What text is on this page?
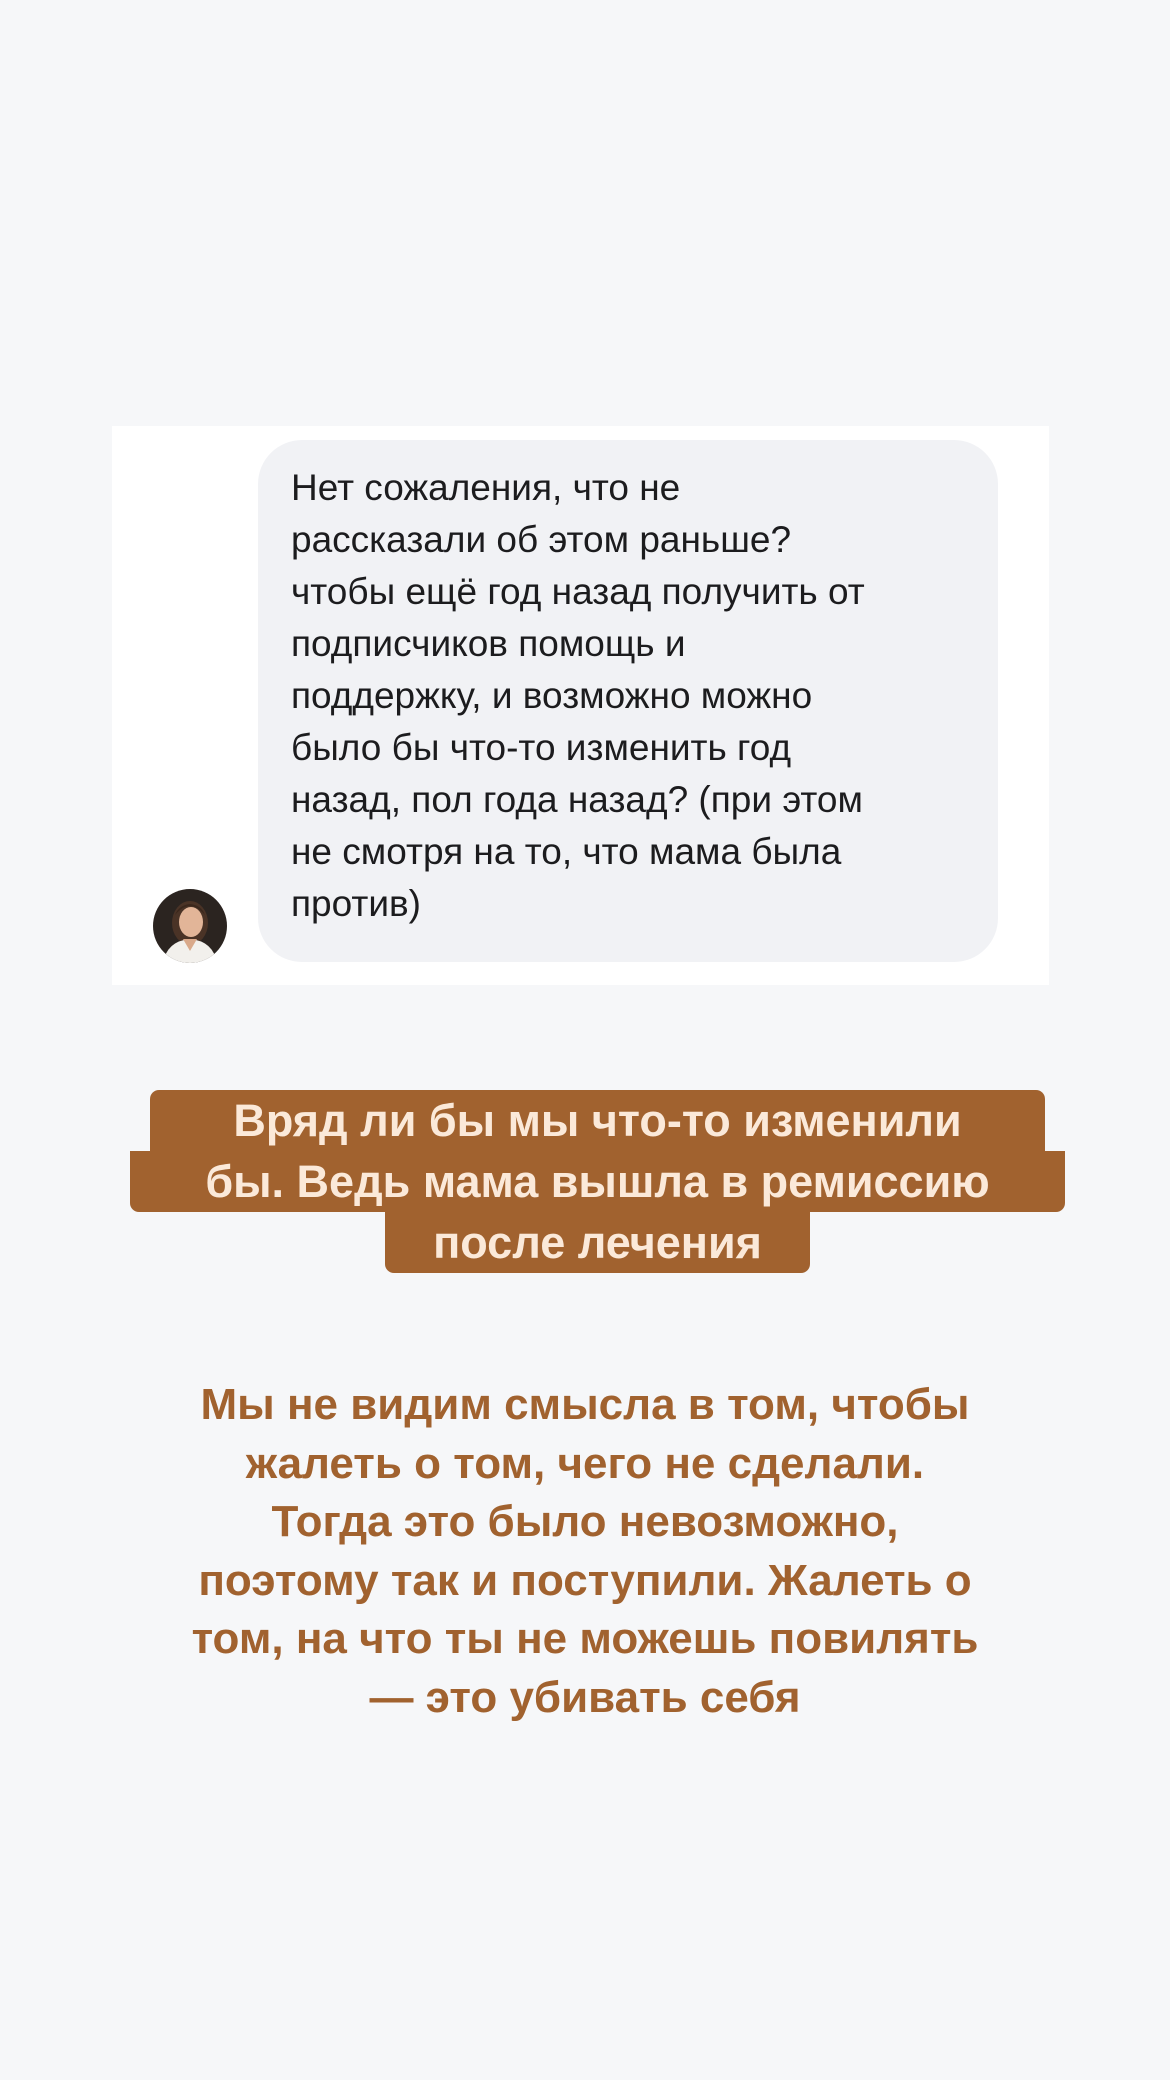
Нет сожаления, что не
рассказали об этом раньше?
чтобы ещё год назад получить от
подписчиков помощь и
поддержку, и возможно можно
было бы что-то изменить год
назад, пол года назад? (при этом
не смотря на то, что мама была
против)

Вряд ли бы мы что-то изменили
бы. Ведь мама вышла в ремиссию
после лечения

Мы не видим смысла в том, чтобы
жалеть о том, чего не сделали.
Тогда это было невозможно,
поэтому так и поступили. Жалеть о
том, на что ты не можешь повилять
— это убивать себя
